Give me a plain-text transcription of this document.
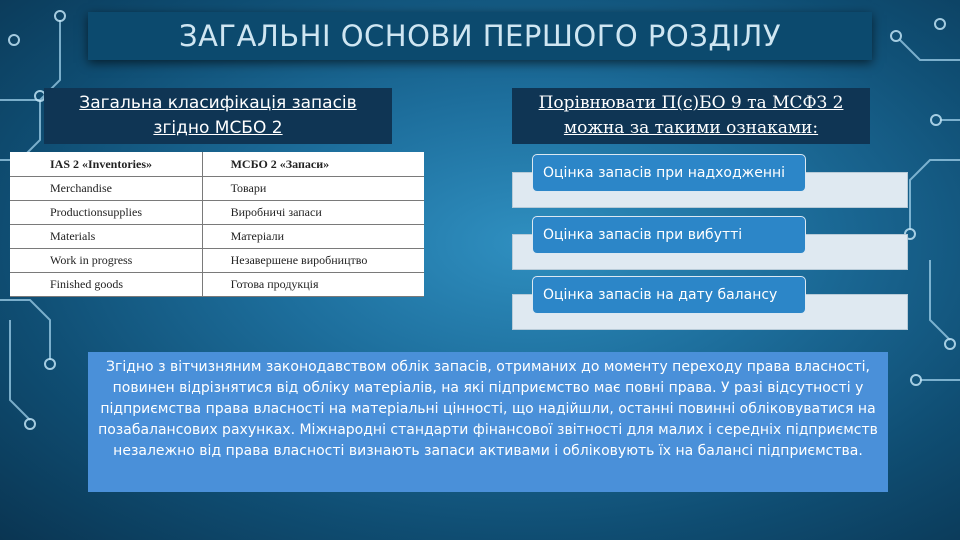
ЗАГАЛЬНІ ОСНОВИ ПЕРШОГО РОЗДІЛУ
Загальна класифікація запасів
згідно МСБО 2
Порівнювати П(с)БО 9 та МСФЗ 2
можна за такими ознаками:
IAS 2 «Inventories»	МСБО 2 «Запаси»
Merchandise	Товари
Productionsupplies	Виробничі запаси
Materials	Матеріали
Work in progress	Незавершене виробництво
Finished goods	Готова продукція
Оцінка запасів при надходженні
Оцінка запасів при вибутті
Оцінка запасів на дату балансу
Згідно з вітчизняним законодавством облік запасів, отриманих до моменту переходу права власності, повинен відрізнятися від обліку матеріалів, на які підприємство має повні права. У разі відсутності у підприємства права власності на матеріальні цінності, що надійшли, останні повинні обліковуватися на позабалансових рахунках. Міжнародні стандарти фінансової звітності для малих і середніх підприємств незалежно від права власності визнають запаси активами і обліковують їх на балансі підприємства.
